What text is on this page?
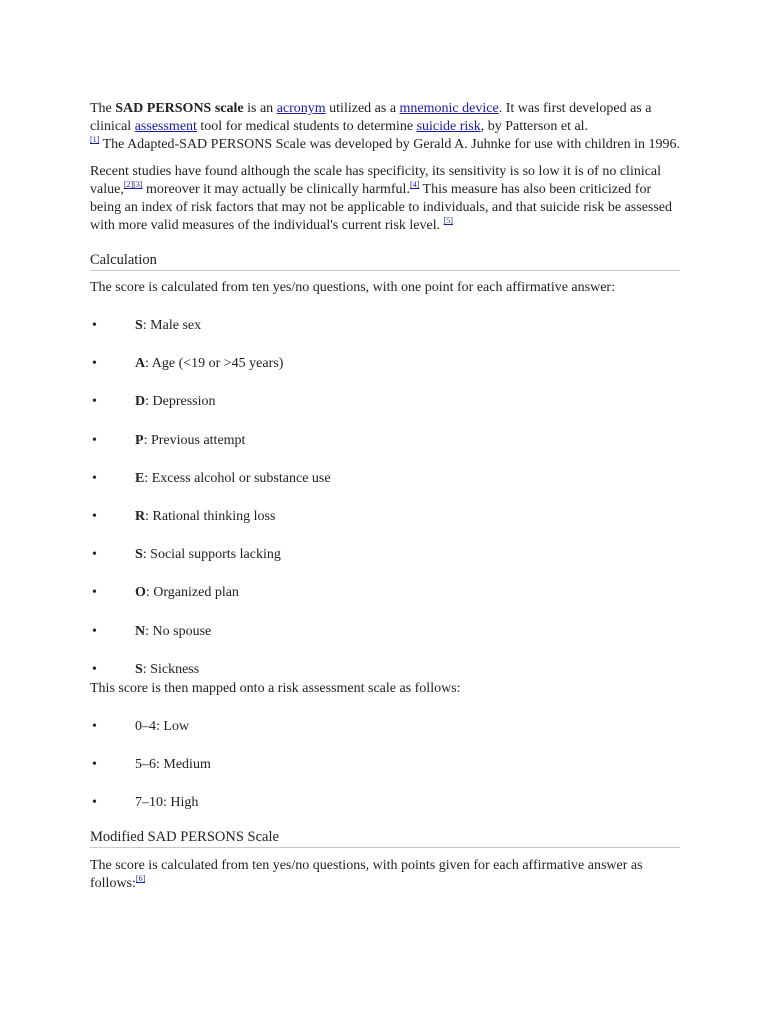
The SAD PERSONS scale is an acronym utilized as a mnemonic device. It was first developed as a clinical assessment tool for medical students to determine suicide risk, by Patterson et al.
[1] The Adapted-SAD PERSONS Scale was developed by Gerald A. Juhnke for use with children in 1996.

Recent studies have found although the scale has specificity, its sensitivity is so low it is of no clinical value,[2][3] moreover it may actually be clinically harmful.[4] This measure has also been criticized for being an index of risk factors that may not be applicable to individuals, and that suicide risk be assessed with more valid measures of the individual's current risk level. [5]

Calculation

The score is calculated from ten yes/no questions, with one point for each affirmative answer:

•	S: Male sex
•	A: Age (<19 or >45 years)
•	D: Depression
•	P: Previous attempt
•	E: Excess alcohol or substance use
•	R: Rational thinking loss
•	S: Social supports lacking
•	O: Organized plan
•	N: No spouse
•	S: Sickness

This score is then mapped onto a risk assessment scale as follows:

•	0–4: Low
•	5–6: Medium
•	7–10: High
Modified SAD PERSONS Scale

The score is calculated from ten yes/no questions, with points given for each affirmative answer as follows:[6]
